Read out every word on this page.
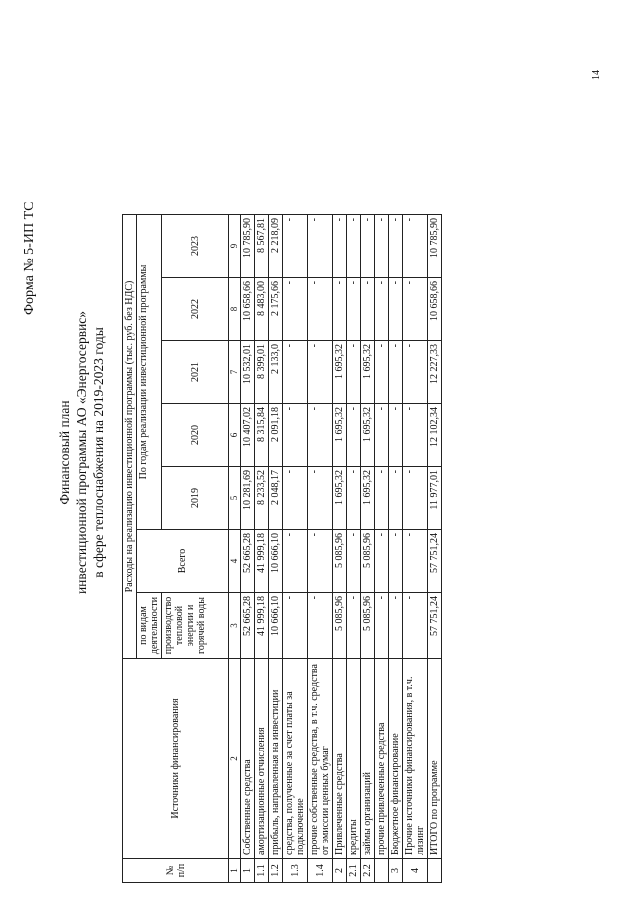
14
Форма № 5-ИП ТС
Финансовый план инвестиционной программы АО «Энергосервис» в сфере теплоснабжения на 2019-2023 годы
№ п/п	Источники финансирования	Расходы на реализацию инвестиционной программы (тыс. руб. без НДС)						
		по видам деятельности	Всего	По годам реализации инвестиционной программы				
		производство тепловой энергии и горячей воды		2019	2020	2021	2022	2023
1	2	3	4	5	6	7	8	9
1	Собственные средства	52 665,28	52 665,28	10 281,69	10 407,02	10 532,01	10 658,66	10 785,90
1.1	амортизационные отчисления	41 999,18	41 999,18	8 233,52	8 315,84	8 399,01	8 483,00	8 567,81
1.2	прибыль, направленная на инвестиции	10 666,10	10 666,10	2 048,17	2 091,18	2 133,0	2 175,66	2 218,09
1.3	средства, полученные за счет платы за подключение	-	-	-	-	-	-	-
1.4	прочие собственные средства, в т.ч. средства от эмиссии ценных бумаг	-	-	-	-	-	-	-
2	Привлеченные средства	5 085,96	5 085,96	1 695,32	1 695,32	1 695,32	-	-
2.1	кредиты	-	-	-	-	-	-	-
2.2	займы организаций	5 085,96	5 085,96	1 695,32	1 695,32	1 695,32	-	-
	прочие привлеченные средства	-	-	-	-	-	-	-
3	Бюджетное финансирование	-	-	-	-	-	-	-
4	Прочие источники финансирования, в т.ч. лизинг	-	-	-	-	-	-	-
	ИТОГО по программе	57 751,24	57 751,24	11 977,01	12 102,34	12 227,33	10 658,66	10 785,90
